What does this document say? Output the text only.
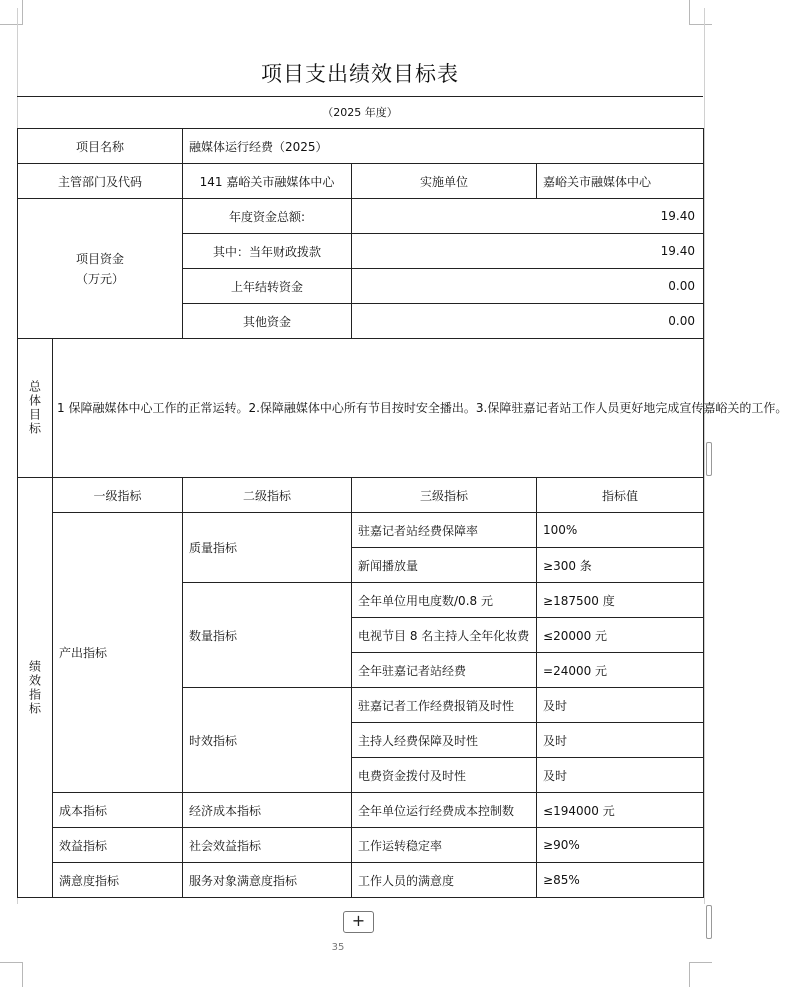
项目支出绩效目标表
（2025 年度）
项目名称		融媒体运行经费（2025）		
主管部门及代码		141 嘉峪关市融媒体中心	实施单位	嘉峪关市融媒体中心

项目资金
（万元）		年度资金总额:	19.40	
		其中：当年财政拨款	19.40	
		上年结转资金	0.00	
		其他资金	0.00	

总体目标	1 保障融媒体中心工作的正常运转。2.保障融媒体中心所有节目按时安全播出。3.保障驻嘉记者站工作人员更好地完成宣传嘉峪关的工作。			

绩效指标	一级指标	二级指标	三级指标	指标值
	产出指标	质量指标	驻嘉记者站经费保障率	100%
			新闻播放量	≥300 条
		数量指标	全年单位用电度数/0.8 元	≥187500 度
			电视节目 8 名主持人全年化妆费	≤20000 元
			全年驻嘉记者站经费	=24000 元
		时效指标	驻嘉记者工作经费报销及时性	及时
			主持人经费保障及时性	及时
			电费资金拨付及时性	及时
	成本指标	经济成本指标	全年单位运行经费成本控制数	≤194000 元
	效益指标	社会效益指标	工作运转稳定率	≥90%
	满意度指标	服务对象满意度指标	工作人员的满意度	≥85%
+
35
